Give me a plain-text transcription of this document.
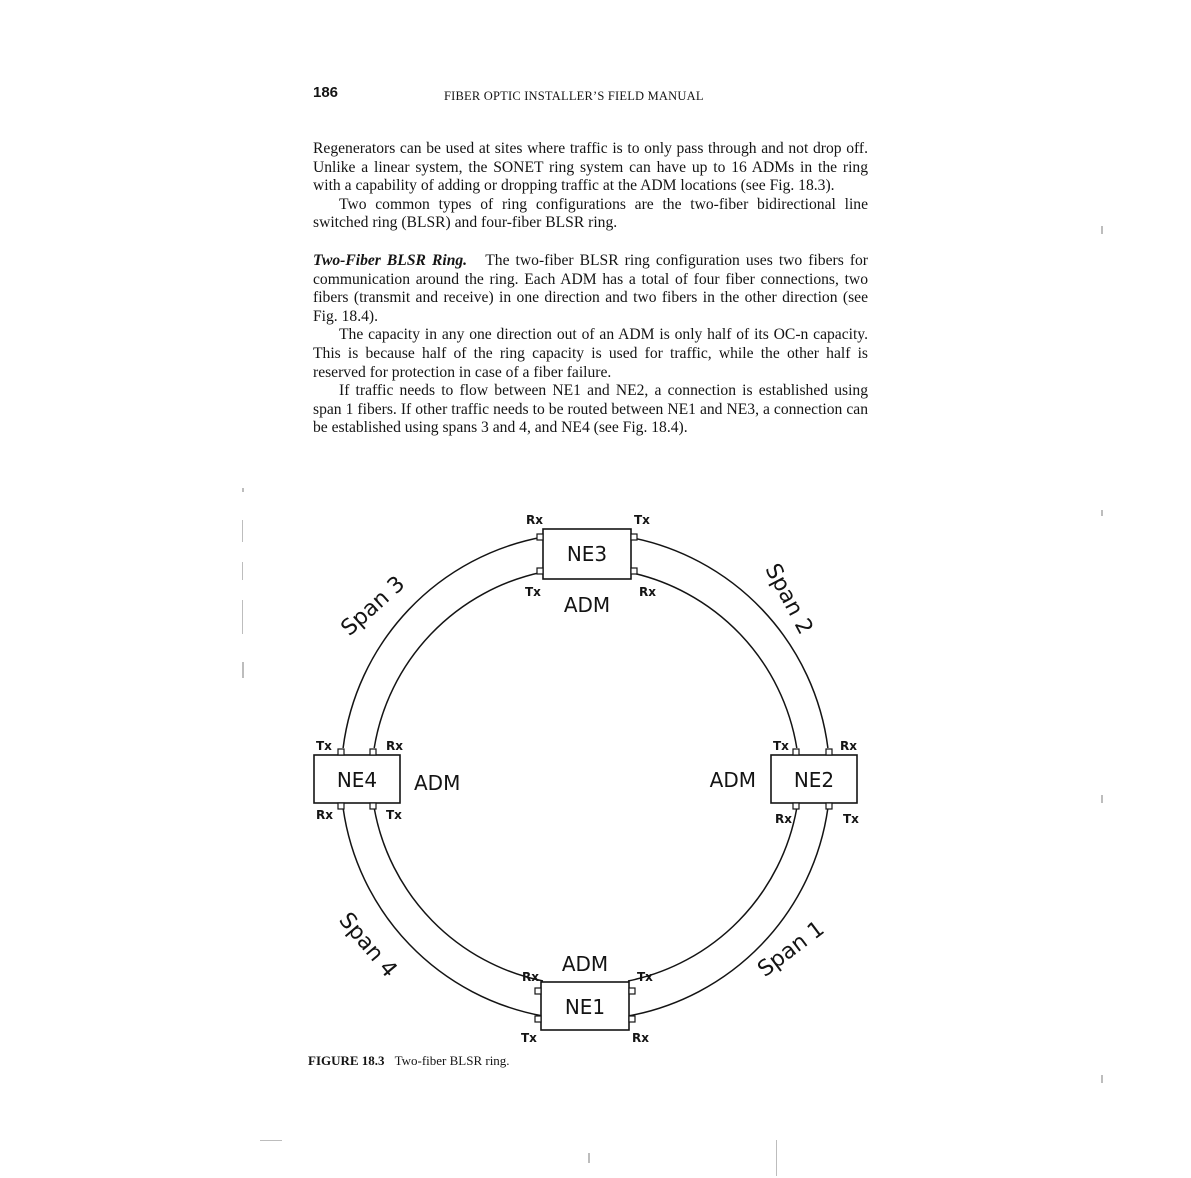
186	FIBER OPTIC INSTALLER’S FIELD MANUAL

Regenerators can be used at sites where traffic is to only pass through and not drop off. Unlike a linear system, the SONET ring system can have up to 16 ADMs in the ring with a capability of adding or dropping traffic at the ADM locations (see Fig. 18.3).

Two common types of ring configurations are the two-fiber bidirectional line switched ring (BLSR) and four-fiber BLSR ring.

Two-Fiber BLSR Ring. The two-fiber BLSR ring configuration uses two fibers for communication around the ring. Each ADM has a total of four fiber connections, two fibers (transmit and receive) in one direction and two fibers in the other direction (see Fig. 18.4).

The capacity in any one direction out of an ADM is only half of its OC-n capacity. This is because half of the ring capacity is used for traffic, while the other half is reserved for protection in case of a fiber failure.

If traffic needs to flow between NE1 and NE2, a connection is established using span 1 fibers. If other traffic needs to be routed between NE1 and NE3, a connection can be established using spans 3 and 4, and NE4 (see Fig. 18.4).

NE3
NE1
NE4	NE2
ADM
ADM
ADM	ADM
Rx	Tx
Tx	Rx
Rx	Tx
Tx	Rx
Tx	Rx
Rx	Tx
Tx	Rx
Rx	Tx
Span 3	Span 2
Span 4	Span 1
FIGURE 18.3 Two-fiber BLSR ring.
